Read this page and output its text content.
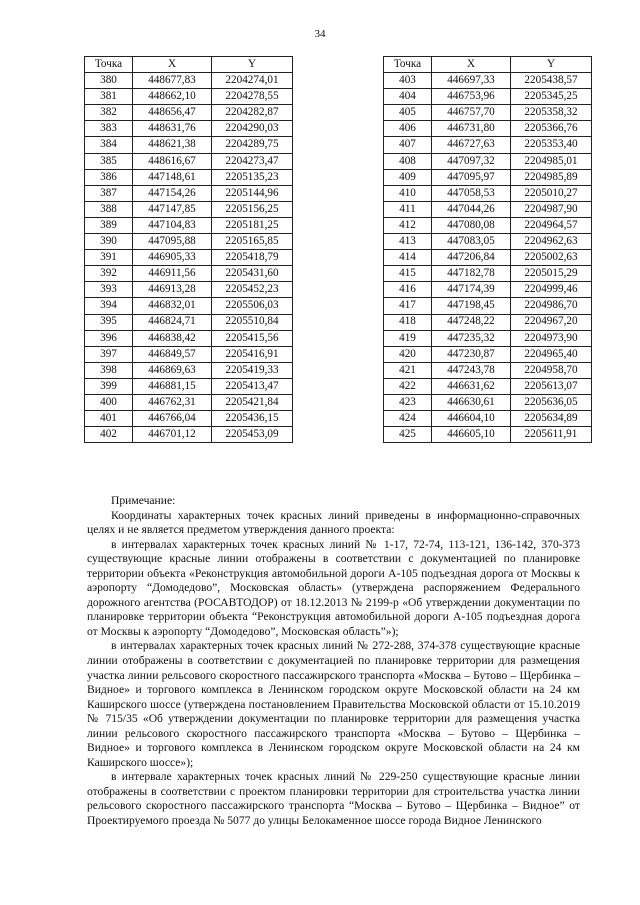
34
Точка	X	Y
380	448677,83	2204274,01
381	448662,10	2204278,55
382	448656,47	2204282,87
383	448631,76	2204290,03
384	448621,38	2204289,75
385	448616,67	2204273,47
386	447148,61	2205135,23
387	447154,26	2205144,96
388	447147,85	2205156,25
389	447104,83	2205181,25
390	447095,88	2205165,85
391	446905,33	2205418,79
392	446911,56	2205431,60
393	446913,28	2205452,23
394	446832,01	2205506,03
395	446824,71	2205510,84
396	446838,42	2205415,56
397	446849,57	2205416,91
398	446869,63	2205419,33
399	446881,15	2205413,47
400	446762,31	2205421,84
401	446766,04	2205436,15
402	446701,12	2205453,09
Точка	X	Y
403	446697,33	2205438,57
404	446753,96	2205345,25
405	446757,70	2205358,32
406	446731,80	2205366,76
407	446727,63	2205353,40
408	447097,32	2204985,01
409	447095,97	2204985,89
410	447058,53	2205010,27
411	447044,26	2204987,90
412	447080,08	2204964,57
413	447083,05	2204962,63
414	447206,84	2205002,63
415	447182,78	2205015,29
416	447174,39	2204999,46
417	447198,45	2204986,70
418	447248,22	2204967,20
419	447235,32	2204973,90
420	447230,87	2204965,40
421	447243,78	2204958,70
422	446631,62	2205613,07
423	446630,61	2205636,05
424	446604,10	2205634,89
425	446605,10	2205611,91

Примечание:

Координаты характерных точек красных линий приведены в информационно-справочных целях и не является предметом утверждения данного проекта:

в интервалах характерных точек красных линий № 1-17, 72-74, 113-121, 136-142, 370-373 существующие красные линии отображены в соответствии с документацией по планировке территории объекта «Реконструкция автомобильной дороги А-105 подъездная дорога от Москвы к аэропорту “Домодедово”, Московская область» (утверждена распоряжением Федерального дорожного агентства (РОСАВТОДОР) от 18.12.2013 № 2199-р «Об утверждении документации по планировке территории объекта “Реконструкция автомобильной дороги А-105 подъездная дорога от Москвы к аэропорту “Домодедово”, Московская область”»);

в интервалах характерных точек красных линий № 272-288, 374-378 существующие красные линии отображены в соответствии с документацией по планировке территории для размещения участка линии рельсового скоростного пассажирского транспорта «Москва – Бутово – Щербинка – Видное» и торгового комплекса в Ленинском городском округе Московской области на 24 км Каширского шоссе (утверждена постановлением Правительства Московской области от 15.10.2019 № 715/35 «Об утверждении документации по планировке территории для размещения участка линии рельсового скоростного пассажирского транспорта «Москва – Бутово – Щербинка – Видное» и торгового комплекса в Ленинском городском округе Московской области на 24 км Каширского шоссе»);

в интервале характерных точек красных линий № 229-250 существующие красные линии отображены в соответствии с проектом планировки территории для строительства участка линии рельсового скоростного пассажирского транспорта “Москва – Бутово – Щербинка – Видное” от Проектируемого проезда № 5077 до улицы Белокаменное шоссе города Видное Ленинского
